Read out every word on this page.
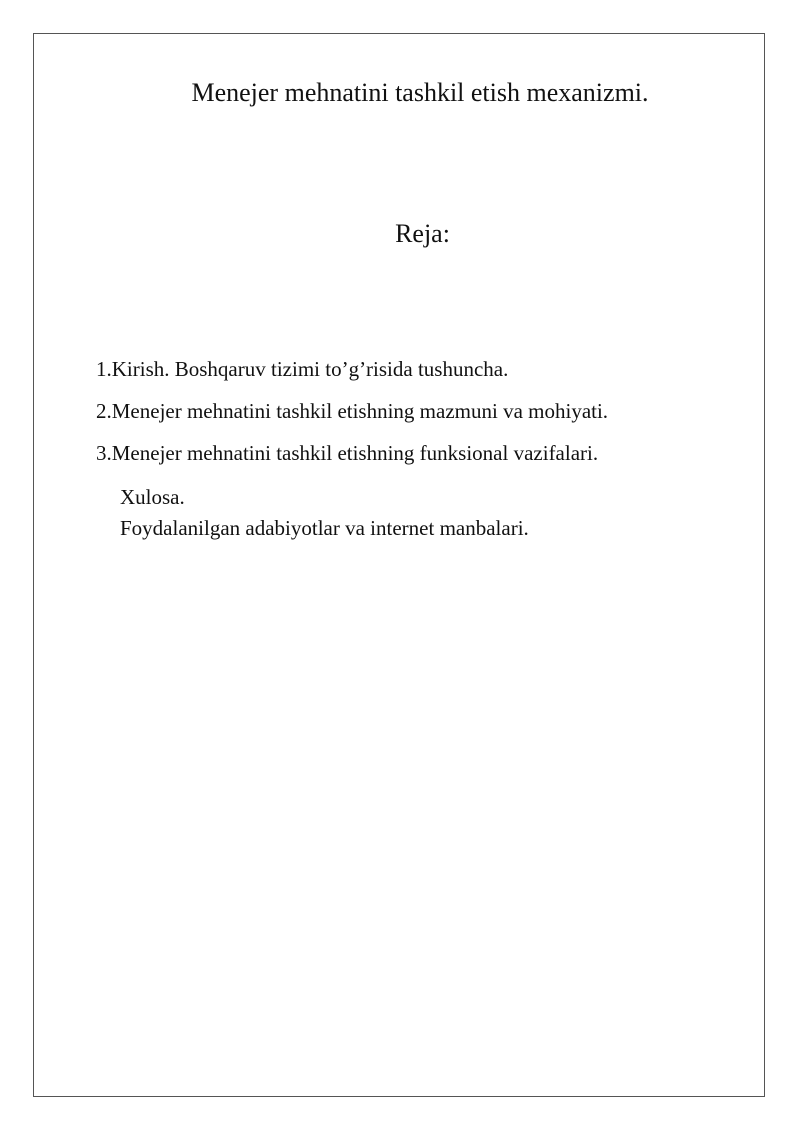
Menejer mehnatini tashkil etish mexanizmi.
Reja:

1.Kirish. Boshqaruv tizimi to’g’risida tushuncha.

2.Menejer mehnatini tashkil etishning mazmuni va mohiyati.

3.Menejer mehnatini tashkil etishning funksional vazifalari.

Xulosa.

Foydalanilgan adabiyotlar va internet manbalari.
